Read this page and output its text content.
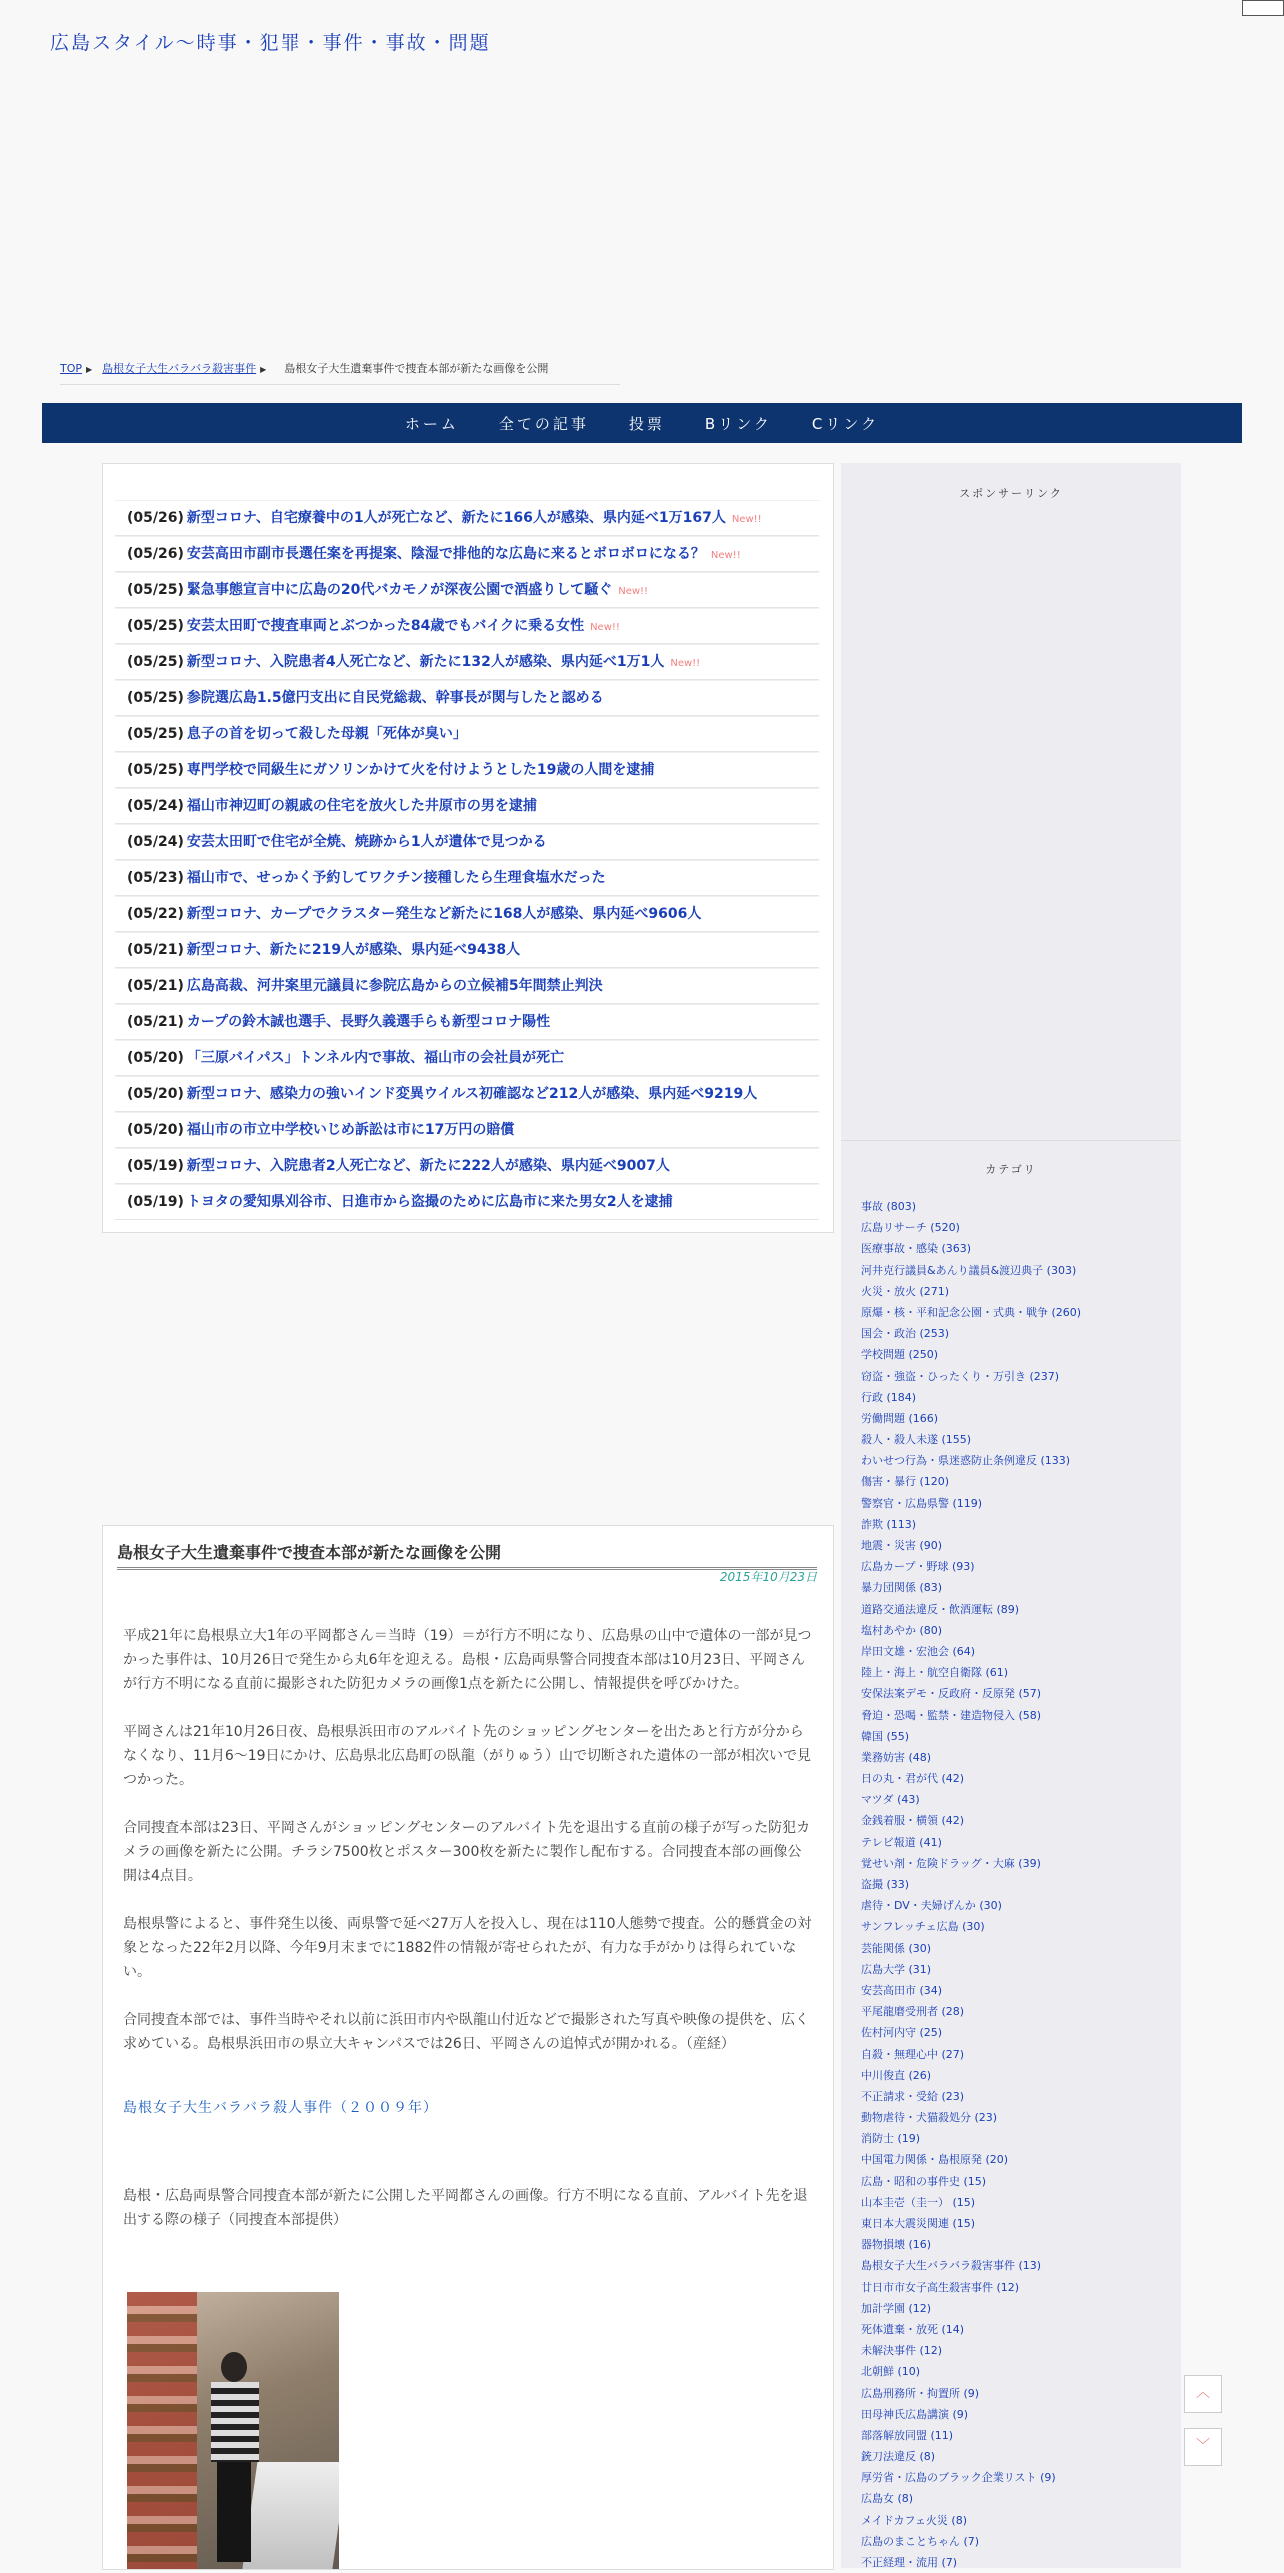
広島スタイル～時事・犯罪・事件・事故・問題
TOP ▶ 島根女子大生バラバラ殺害事件 ▶ 島根女子大生遺棄事件で捜査本部が新たな画像を公開
ホーム	全ての記事	投票	Bリンク	Cリンク
(05/26) 新型コロナ、自宅療養中の1人が死亡など、新たに166人が感染、県内延べ1万167人 New!!
(05/26) 安芸高田市副市長選任案を再提案、陰湿で排他的な広島に来るとボロボロになる？ New!!
(05/25) 緊急事態宣言中に広島の20代バカモノが深夜公園で酒盛りして騒ぐ New!!
(05/25) 安芸太田町で捜査車両とぶつかった84歳でもバイクに乗る女性 New!!
(05/25) 新型コロナ、入院患者4人死亡など、新たに132人が感染、県内延べ1万1人 New!!
(05/25) 参院選広島1.5億円支出に自民党総裁、幹事長が関与したと認める
(05/25) 息子の首を切って殺した母親「死体が臭い」
(05/25) 専門学校で同級生にガソリンかけて火を付けようとした19歳の人間を逮捕
(05/24) 福山市神辺町の親戚の住宅を放火した井原市の男を逮捕
(05/24) 安芸太田町で住宅が全焼、焼跡から1人が遺体で見つかる
(05/23) 福山市で、せっかく予約してワクチン接種したら生理食塩水だった
(05/22) 新型コロナ、カープでクラスター発生など新たに168人が感染、県内延べ9606人
(05/21) 新型コロナ、新たに219人が感染、県内延べ9438人
(05/21) 広島高裁、河井案里元議員に参院広島からの立候補5年間禁止判決
(05/21) カープの鈴木誠也選手、長野久義選手らも新型コロナ陽性
(05/20) 「三原バイパス」トンネル内で事故、福山市の会社員が死亡
(05/20) 新型コロナ、感染力の強いインド変異ウイルス初確認など212人が感染、県内延べ9219人
(05/20) 福山市の市立中学校いじめ訴訟は市に17万円の賠償
(05/19) 新型コロナ、入院患者2人死亡など、新たに222人が感染、県内延べ9007人
(05/19) トヨタの愛知県刈谷市、日進市から盗撮のために広島市に来た男女2人を逮捕
島根女子大生遺棄事件で捜査本部が新たな画像を公開
2015年10月23日

平成21年に島根県立大1年の平岡都さん＝当時（19）＝が行方不明になり、広島県の山中で遺体の一部が見つかった事件は、10月26日で発生から丸6年を迎える。島根・広島両県警合同捜査本部は10月23日、平岡さんが行方不明になる直前に撮影された防犯カメラの画像1点を新たに公開し、情報提供を呼びかけた。

平岡さんは21年10月26日夜、島根県浜田市のアルバイト先のショッピングセンターを出たあと行方が分からなくなり、11月6～19日にかけ、広島県北広島町の臥龍（がりゅう）山で切断された遺体の一部が相次いで見つかった。

合同捜査本部は23日、平岡さんがショッピングセンターのアルバイト先を退出する直前の様子が写った防犯カメラの画像を新たに公開。チラシ7500枚とポスター300枚を新たに製作し配布する。合同捜査本部の画像公開は4点目。

島根県警によると、事件発生以後、両県警で延べ27万人を投入し、現在は110人態勢で捜査。公的懸賞金の対象となった22年2月以降、今年9月末までに1882件の情報が寄せられたが、有力な手がかりは得られていない。

合同捜査本部では、事件当時やそれ以前に浜田市内や臥龍山付近などで撮影された写真や映像の提供を、広く求めている。島根県浜田市の県立大キャンパスでは26日、平岡さんの追悼式が開かれる。（産経）

島根女子大生バラバラ殺人事件（２００９年）

島根・広島両県警合同捜査本部が新たに公開した平岡都さんの画像。行方不明になる直前、アルバイト先を退出する際の様子（同捜査本部提供）

スポンサーリンク
カテゴリ
事故 (803)
広島リサーチ (520)
医療事故・感染 (363)
河井克行議員&あんり議員&渡辺典子 (303)
火災・放火 (271)
原爆・核・平和記念公園・式典・戦争 (260)
国会・政治 (253)
学校問題 (250)
窃盗・強盗・ひったくり・万引き (237)
行政 (184)
労働問題 (166)
殺人・殺人未遂 (155)
わいせつ行為・県迷惑防止条例違反 (133)
傷害・暴行 (120)
警察官・広島県警 (119)
詐欺 (113)
地震・災害 (90)
広島カープ・野球 (93)
暴力団関係 (83)
道路交通法違反・飲酒運転 (89)
塩村あやか (80)
岸田文雄・宏池会 (64)
陸上・海上・航空自衛隊 (61)
安保法案デモ・反政府・反原発 (57)
脅迫・恐喝・監禁・建造物侵入 (58)
韓国 (55)
業務妨害 (48)
日の丸・君が代 (42)
マツダ (43)
金銭着服・横領 (42)
テレビ報道 (41)
覚せい剤・危険ドラッグ・大麻 (39)
盗撮 (33)
虐待・DV・夫婦げんか (30)
サンフレッチェ広島 (30)
芸能関係 (30)
広島大学 (31)
安芸高田市 (34)
平尾龍磨受刑者 (28)
佐村河内守 (25)
自殺・無理心中 (27)
中川俊直 (26)
不正請求・受給 (23)
動物虐待・犬猫殺処分 (23)
消防士 (19)
中国電力関係・島根原発 (20)
広島・昭和の事件史 (15)
山本圭壱（圭一） (15)
東日本大震災関連 (15)
器物損壊 (16)
島根女子大生バラバラ殺害事件 (13)
廿日市市女子高生殺害事件 (12)
加計学園 (12)
死体遺棄・放死 (14)
未解決事件 (12)
北朝鮮 (10)
広島刑務所・拘置所 (9)
田母神氏広島講演 (9)
部落解放同盟 (11)
銃刀法違反 (8)
厚労省・広島のブラック企業リスト (9)
広島女 (8)
メイドカフェ火災 (8)
広島のまことちゃん (7)
不正経理・流用 (7)
︿
﹀
